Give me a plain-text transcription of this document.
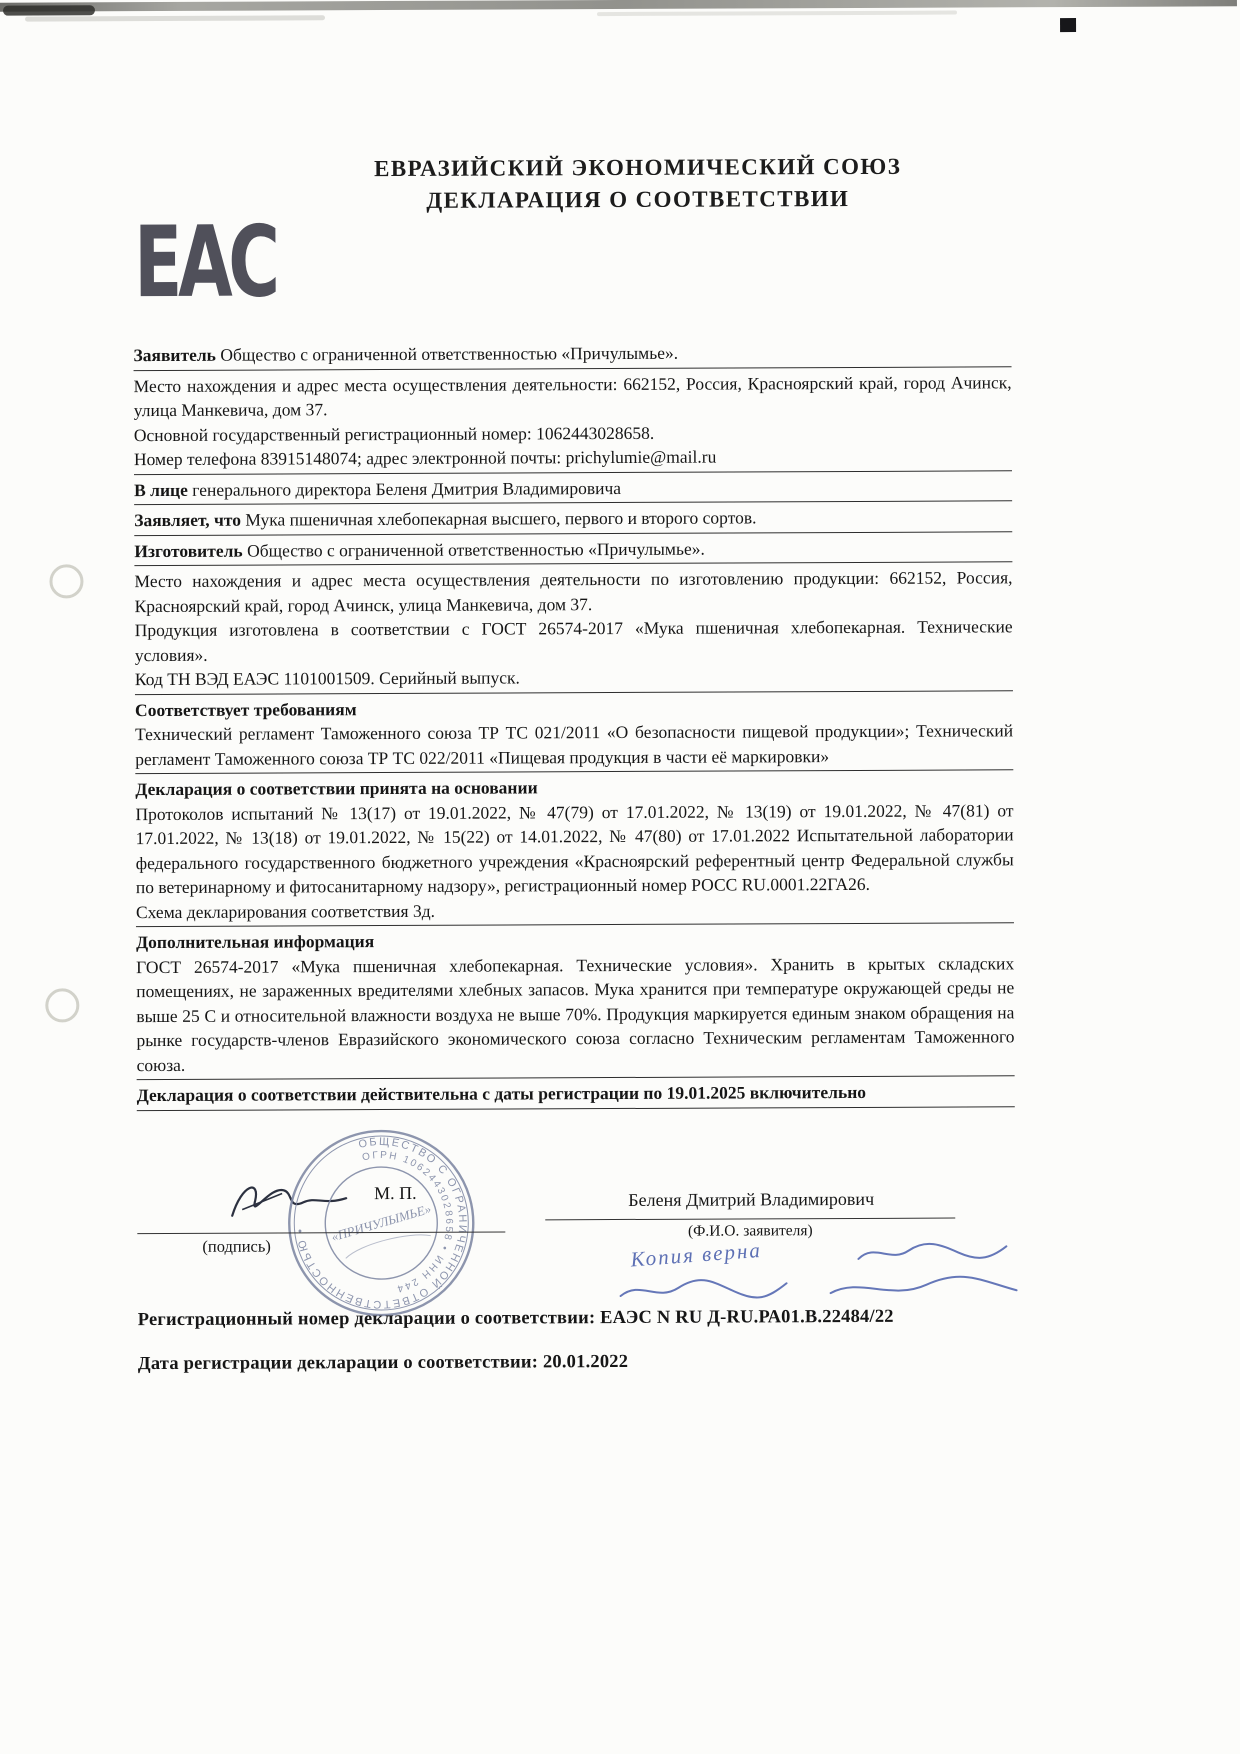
ЕВРАЗИЙСКИЙ ЭКОНОМИЧЕСКИЙ СОЮЗ
ДЕКЛАРАЦИЯ О СООТВЕТСТВИИ
ЕАС
Заявитель Общество с ограниченной ответственностью «Причулымье».
Место нахождения и адрес места осуществления деятельности: 662152, Россия, Красноярский край, город Ачинск, улица Манкевича, дом 37.
Основной государственный регистрационный номер: 1062443028658.
Номер телефона 83915148074; адрес электронной почты: prichylumie@mail.ru
В лице генерального директора Беленя Дмитрия Владимировича
Заявляет, что Мука пшеничная хлебопекарная высшего, первого и второго сортов.
Изготовитель Общество с ограниченной ответственностью «Причулымье».
Место нахождения и адрес места осуществления деятельности по изготовлению продукции: 662152, Россия, Красноярский край, город Ачинск, улица Манкевича, дом 37.
Продукция изготовлена в соответствии с ГОСТ 26574-2017 «Мука пшеничная хлебопекарная. Технические условия».
Код ТН ВЭД ЕАЭС 1101001509. Серийный выпуск.
Соответствует требованиям
Технический регламент Таможенного союза ТР ТС 021/2011 «О безопасности пищевой продукции»; Технический регламент Таможенного союза ТР ТС 022/2011 «Пищевая продукция в части её маркировки»
Декларация о соответствии принята на основании
Протоколов испытаний № 13(17) от 19.01.2022, № 47(79) от 17.01.2022, № 13(19) от 19.01.2022, № 47(81) от 17.01.2022, № 13(18) от 19.01.2022, № 15(22) от 14.01.2022, № 47(80) от 17.01.2022 Испытательной лаборатории федерального государственного бюджетного учреждения «Красноярский референтный центр Федеральной службы по ветеринарному и фитосанитарному надзору», регистрационный номер РОСС RU.0001.22ГА26.
Схема декларирования соответствия 3д.
Дополнительная информация
ГОСТ 26574-2017 «Мука пшеничная хлебопекарная. Технические условия». Хранить в крытых складских помещениях, не зараженных вредителями хлебных запасов. Мука хранится при температуре окружающей среды не выше 25 С и относительной влажности воздуха не выше 70%. Продукция маркируется единым знаком обращения на рынке государств-членов Евразийского экономического союза согласно Техническим регламентам Таможенного союза.
Декларация о соответствии действительна с даты регистрации по 19.01.2025 включительно
М. П.
ОБЩЕСТВО С ОГРАНИЧЕННОЙ ОТВЕТСТВЕННОСТЬЮ •
ОГРН 1062443028658 • ИНН 244
«ПРИЧУЛЫМЬЕ»
(подпись)
Беленя Дмитрий Владимирович
(Ф.И.О. заявителя)
Копия верна
Регистрационный номер декларации о соответствии: ЕАЭС N RU Д-RU.РА01.В.22484/22
Дата регистрации декларации о соответствии: 20.01.2022
